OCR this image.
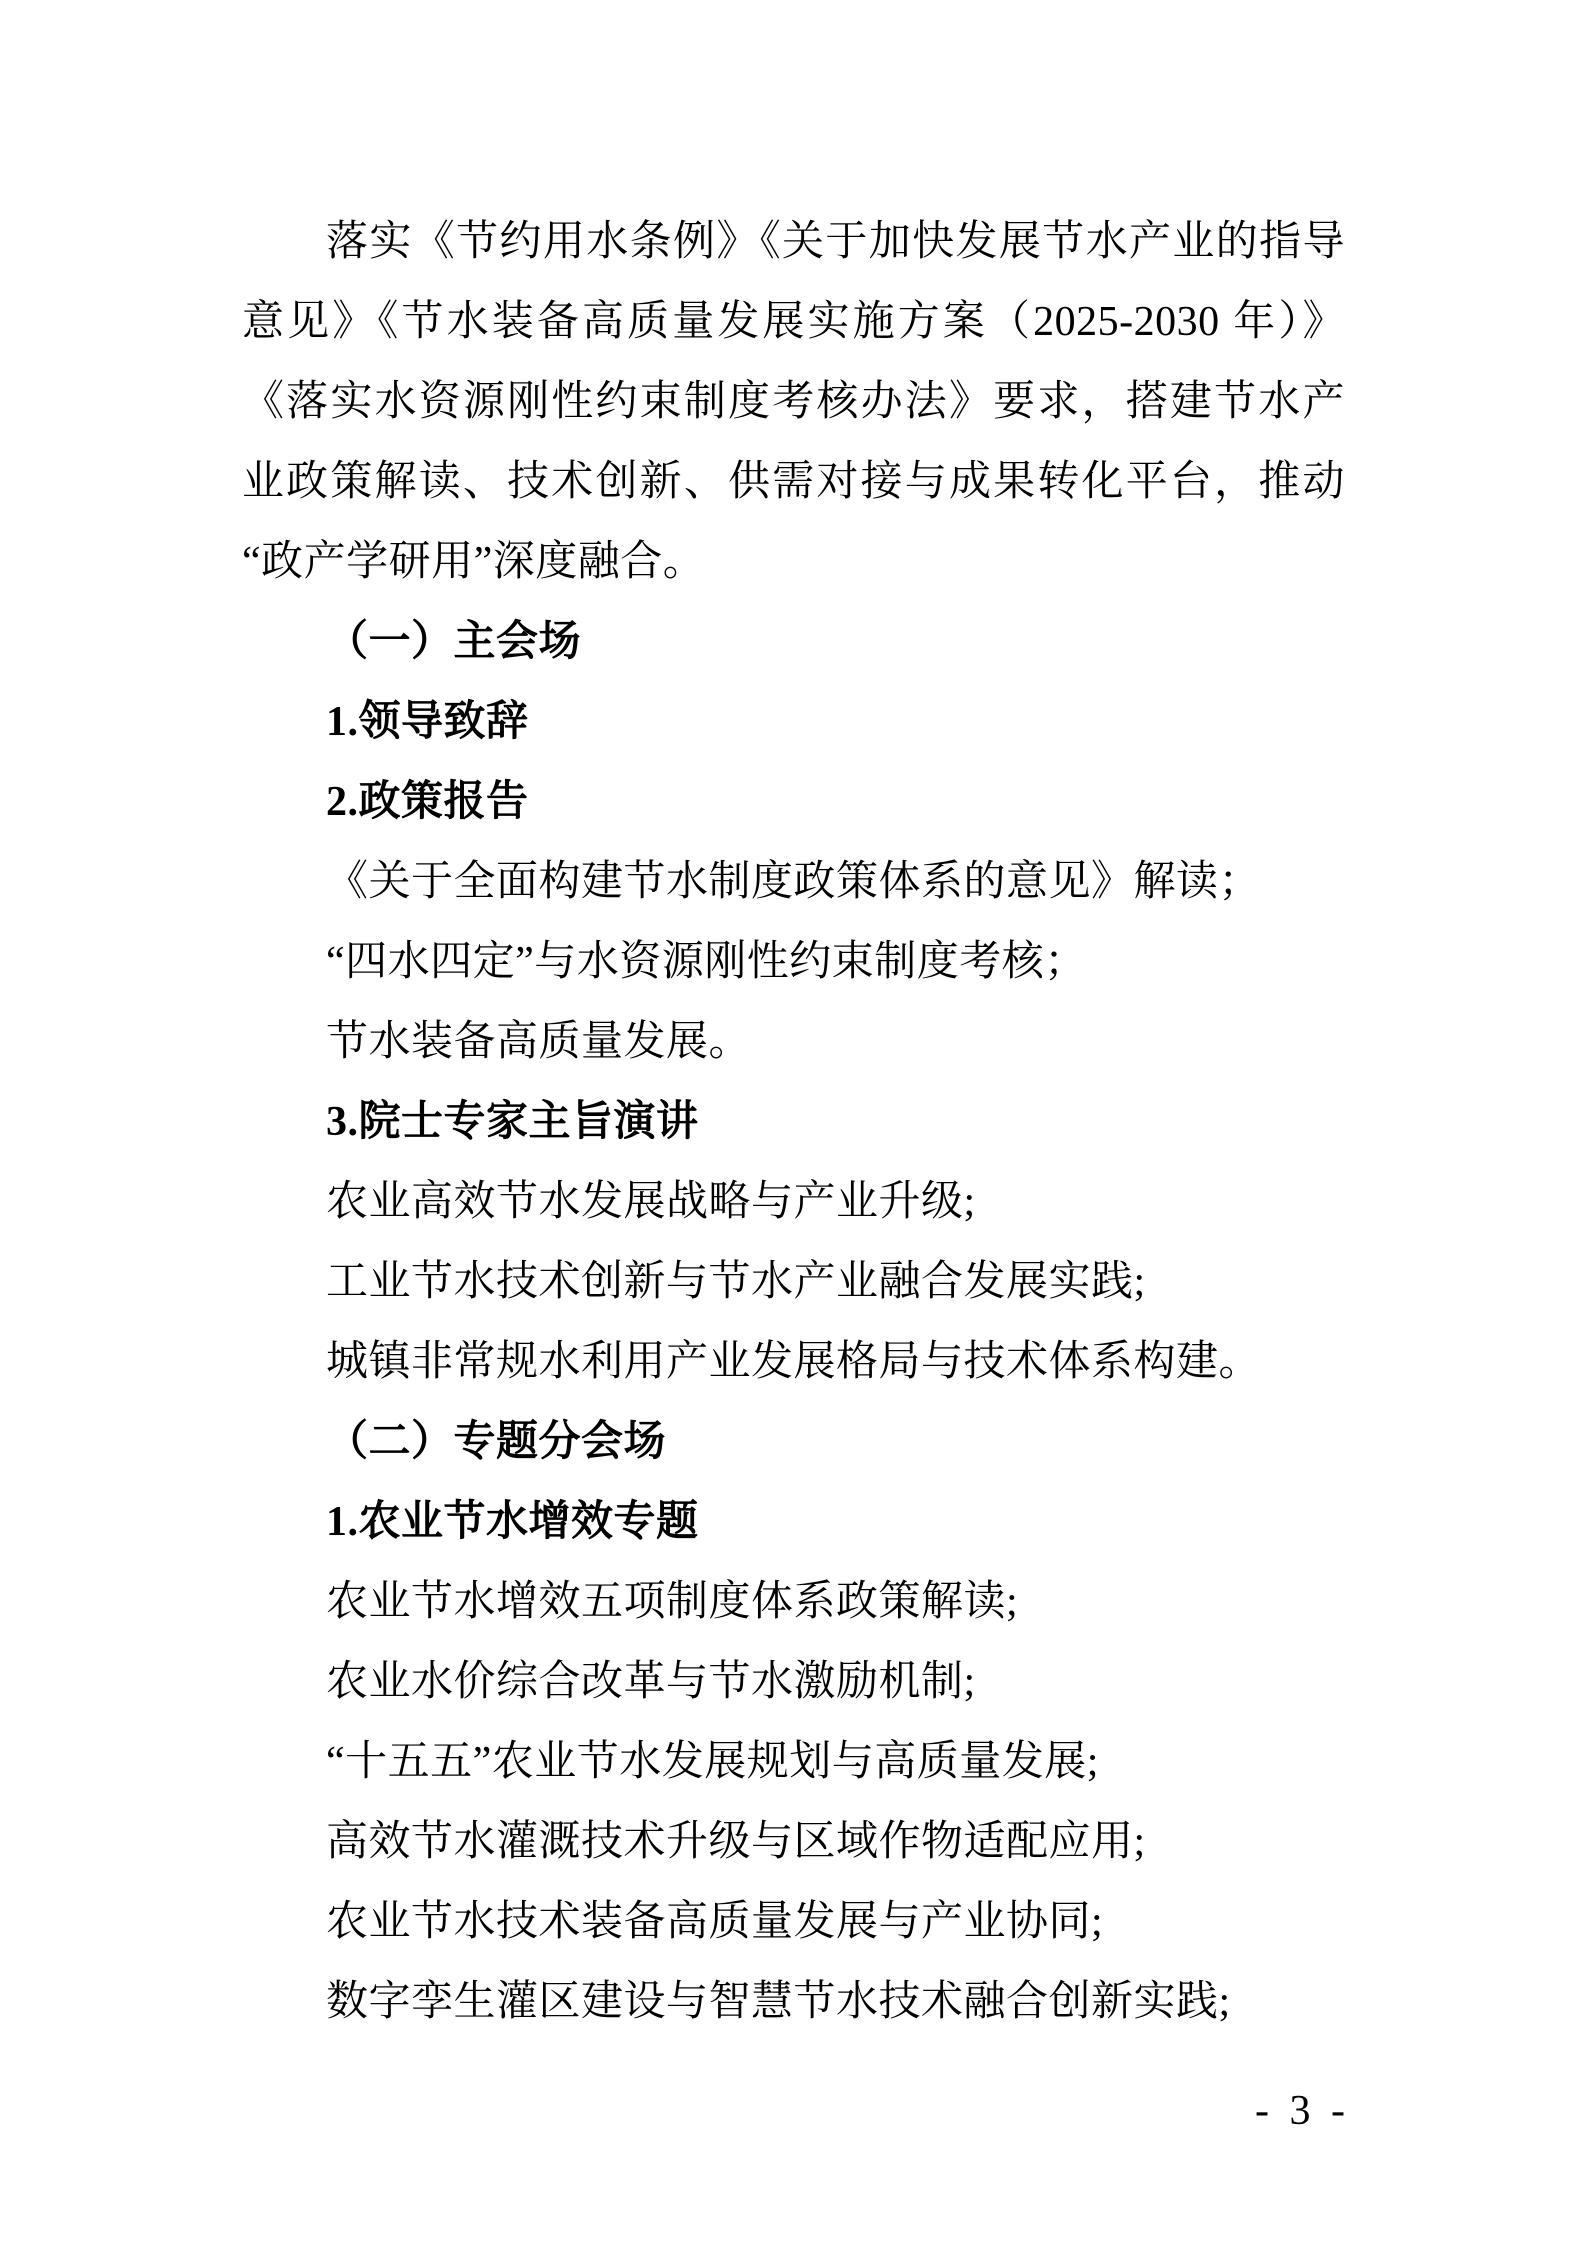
落实《节约用水条例》《关于加快发展节水产业的指导意见》《节水装备高质量发展实施方案（2025-2030 年）》《落实水资源刚性约束制度考核办法》要求，搭建节水产业政策解读、技术创新、供需对接与成果转化平台，推动“政产学研用”深度融合。

（一）主会场
1.领导致辞
2.政策报告
《关于全面构建节水制度政策体系的意见》解读；
“四水四定”与水资源刚性约束制度考核；
节水装备高质量发展。
3.院士专家主旨演讲
农业高效节水发展战略与产业升级;
工业节水技术创新与节水产业融合发展实践;
城镇非常规水利用产业发展格局与技术体系构建。
（二）专题分会场
1.农业节水增效专题
农业节水增效五项制度体系政策解读;
农业水价综合改革与节水激励机制;
“十五五”农业节水发展规划与高质量发展;
高效节水灌溉技术升级与区域作物适配应用;
农业节水技术装备高质量发展与产业协同;
数字孪生灌区建设与智慧节水技术融合创新实践;
- 3 -
